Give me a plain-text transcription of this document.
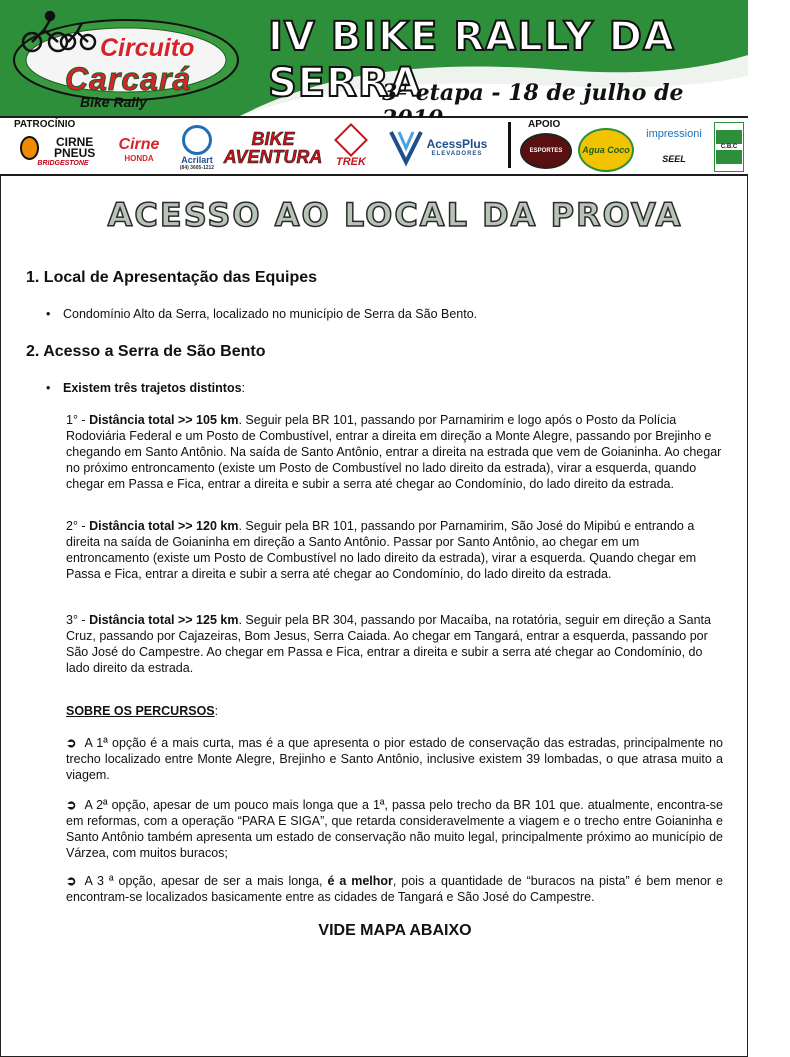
Circuito
Carcará
Bike Rally
IV BIKE RALLY DA SERRA
3ª etapa - 18 de julho de
PATROCÍNIO	APOIO
CIRNE PNEUS
BRIDGESTONE
Cirne
HONDA	Acrilart
(84) 3605-1212
BIKE AVENTURA TREK
AcessPlus
ELEVADORES	ESPORTES Agua Coco
impressioni
SEEL
C.B.C
ACESSO AO LOCAL DA PROVA
1. Local de Apresentação das Equipes
• Condomínio Alto da Serra, localizado no município de Serra da São Bento.
2. Acesso a Serra de São Bento
• Existem três trajetos distintos:
1° - Distância total >> 105 km. Seguir pela BR 101, passando por Parnamirim e logo após o Posto da Polícia Rodoviária Federal e um Posto de Combustível, entrar a direita em direção a Monte Alegre, passando por Brejinho e chegando em Santo Antônio. Na saída de Santo Antônio, entrar a direita na estrada que vem de Goianinha. Ao chegar no próximo entroncamento (existe um Posto de Combustível no lado direito da estrada), virar a esquerda, quando chegar em Passa e Fica, entrar a direita e subir a serra até chegar ao Condomínio, do lado direito da estrada.
2° - Distância total >> 120 km. Seguir pela BR 101, passando por Parnamirim, São José do Mipibú e entrando a direita na saída de Goianinha em direção a Santo Antônio. Passar por Santo Antônio, ao chegar em um entroncamento (existe um Posto de Combustível no lado direito da estrada), virar a esquerda. Quando chegar em Passa e Fica, entrar a direita e subir a serra até chegar ao Condomínio, do lado direito da estrada.
3° - Distância total >> 125 km. Seguir pela BR 304, passando por Macaíba, na rotatória, seguir em direção a Santa Cruz, passando por Cajazeiras, Bom Jesus, Serra Caiada. Ao chegar em Tangará, entrar a esquerda, passando por São José do Campestre. Ao chegar em Passa e Fica, entrar a direita e subir a serra até chegar ao Condomínio, do lado direito da estrada.
SOBRE OS PERCURSOS:
➲ A 1ª opção é a mais curta, mas é a que apresenta o pior estado de conservação das estradas, principalmente no trecho localizado entre Monte Alegre, Brejinho e Santo Antônio, inclusive existem 39 lombadas, o que atrasa muito a viagem.
➲ A 2ª opção, apesar de um pouco mais longa que a 1ª, passa pelo trecho da BR 101 que. atualmente, encontra-se em reformas, com a operação “PARA E SIGA”, que retarda consideravelmente a viagem e o trecho entre Goianinha e Santo Antônio também apresenta um estado de conservação não muito legal, principalmente próximo ao município de Várzea, com muitos buracos;
➲ A 3 ª opção, apesar de ser a mais longa, é a melhor, pois a quantidade de “buracos na pista” é bem menor e encontram-se localizados basicamente entre as cidades de Tangará e São José do Campestre.
VIDE MAPA ABAIXO
